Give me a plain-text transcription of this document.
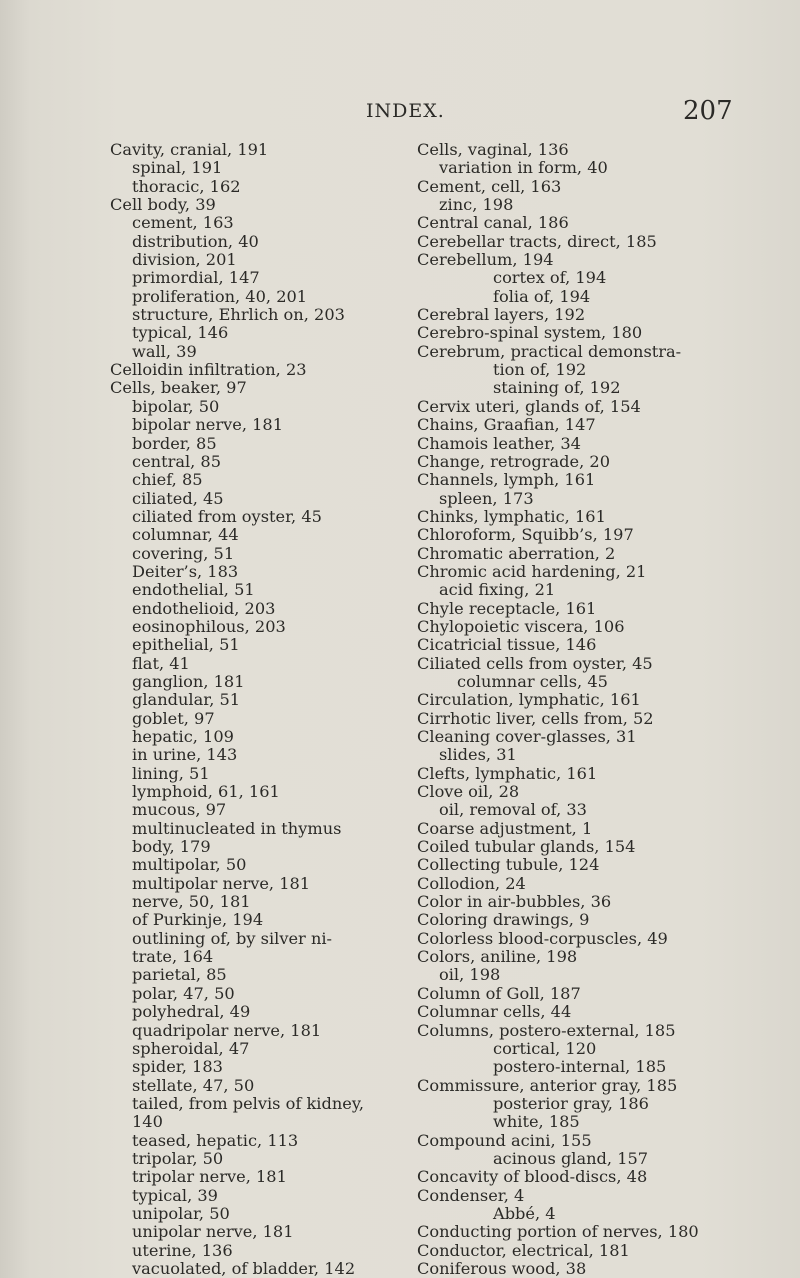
INDEX.	207
Cavity, cranial, 191
spinal, 191
thoracic, 162
Cell body, 39
cement, 163
distribution, 40
division, 201
primordial, 147
proliferation, 40, 201
structure, Ehrlich on, 203
typical, 146
wall, 39
Celloidin infiltration, 23
Cells, beaker, 97
bipolar, 50
bipolar nerve, 181
border, 85
central, 85
chief, 85
ciliated, 45
ciliated from oyster, 45
columnar, 44
covering, 51
Deiter’s, 183
endothelial, 51
endothelioid, 203
eosinophilous, 203
epithelial, 51
flat, 41
ganglion, 181
glandular, 51
goblet, 97
hepatic, 109
in urine, 143
lining, 51
lymphoid, 61, 161
mucous, 97
multinucleated in thymus
body, 179
multipolar, 50
multipolar nerve, 181
nerve, 50, 181
of Purkinje, 194
outlining of, by silver ni-
trate, 164
parietal, 85
polar, 47, 50
polyhedral, 49
quadripolar nerve, 181
spheroidal, 47
spider, 183
stellate, 47, 50
tailed, from pelvis of kidney,
140
teased, hepatic, 113
tripolar, 50
tripolar nerve, 181
typical, 39
unipolar, 50
unipolar nerve, 181
uterine, 136
vacuolated, of bladder, 142
Cells, vaginal, 136
variation in form, 40
Cement, cell, 163
zinc, 198
Central canal, 186
Cerebellar tracts, direct, 185
Cerebellum, 194
cortex of, 194
folia of, 194
Cerebral layers, 192
Cerebro-spinal system, 180
Cerebrum, practical demonstra-
tion of, 192
staining of, 192
Cervix uteri, glands of, 154
Chains, Graafian, 147
Chamois leather, 34
Change, retrograde, 20
Channels, lymph, 161
spleen, 173
Chinks, lymphatic, 161
Chloroform, Squibb’s, 197
Chromatic aberration, 2
Chromic acid hardening, 21
acid fixing, 21
Chyle receptacle, 161
Chylopoietic viscera, 106
Cicatricial tissue, 146
Ciliated cells from oyster, 45
columnar cells, 45
Circulation, lymphatic, 161
Cirrhotic liver, cells from, 52
Cleaning cover-glasses, 31
slides, 31
Clefts, lymphatic, 161
Clove oil, 28
oil, removal of, 33
Coarse adjustment, 1
Coiled tubular glands, 154
Collecting tubule, 124
Collodion, 24
Color in air-bubbles, 36
Coloring drawings, 9
Colorless blood-corpuscles, 49
Colors, aniline, 198
oil, 198
Column of Goll, 187
Columnar cells, 44
Columns, postero-external, 185
cortical, 120
postero-internal, 185
Commissure, anterior gray, 185
posterior gray, 186
white, 185
Compound acini, 155
acinous gland, 157
Concavity of blood-discs, 48
Condenser, 4
Abbé, 4
Conducting portion of nerves, 180
Conductor, electrical, 181
Coniferous wood, 38
